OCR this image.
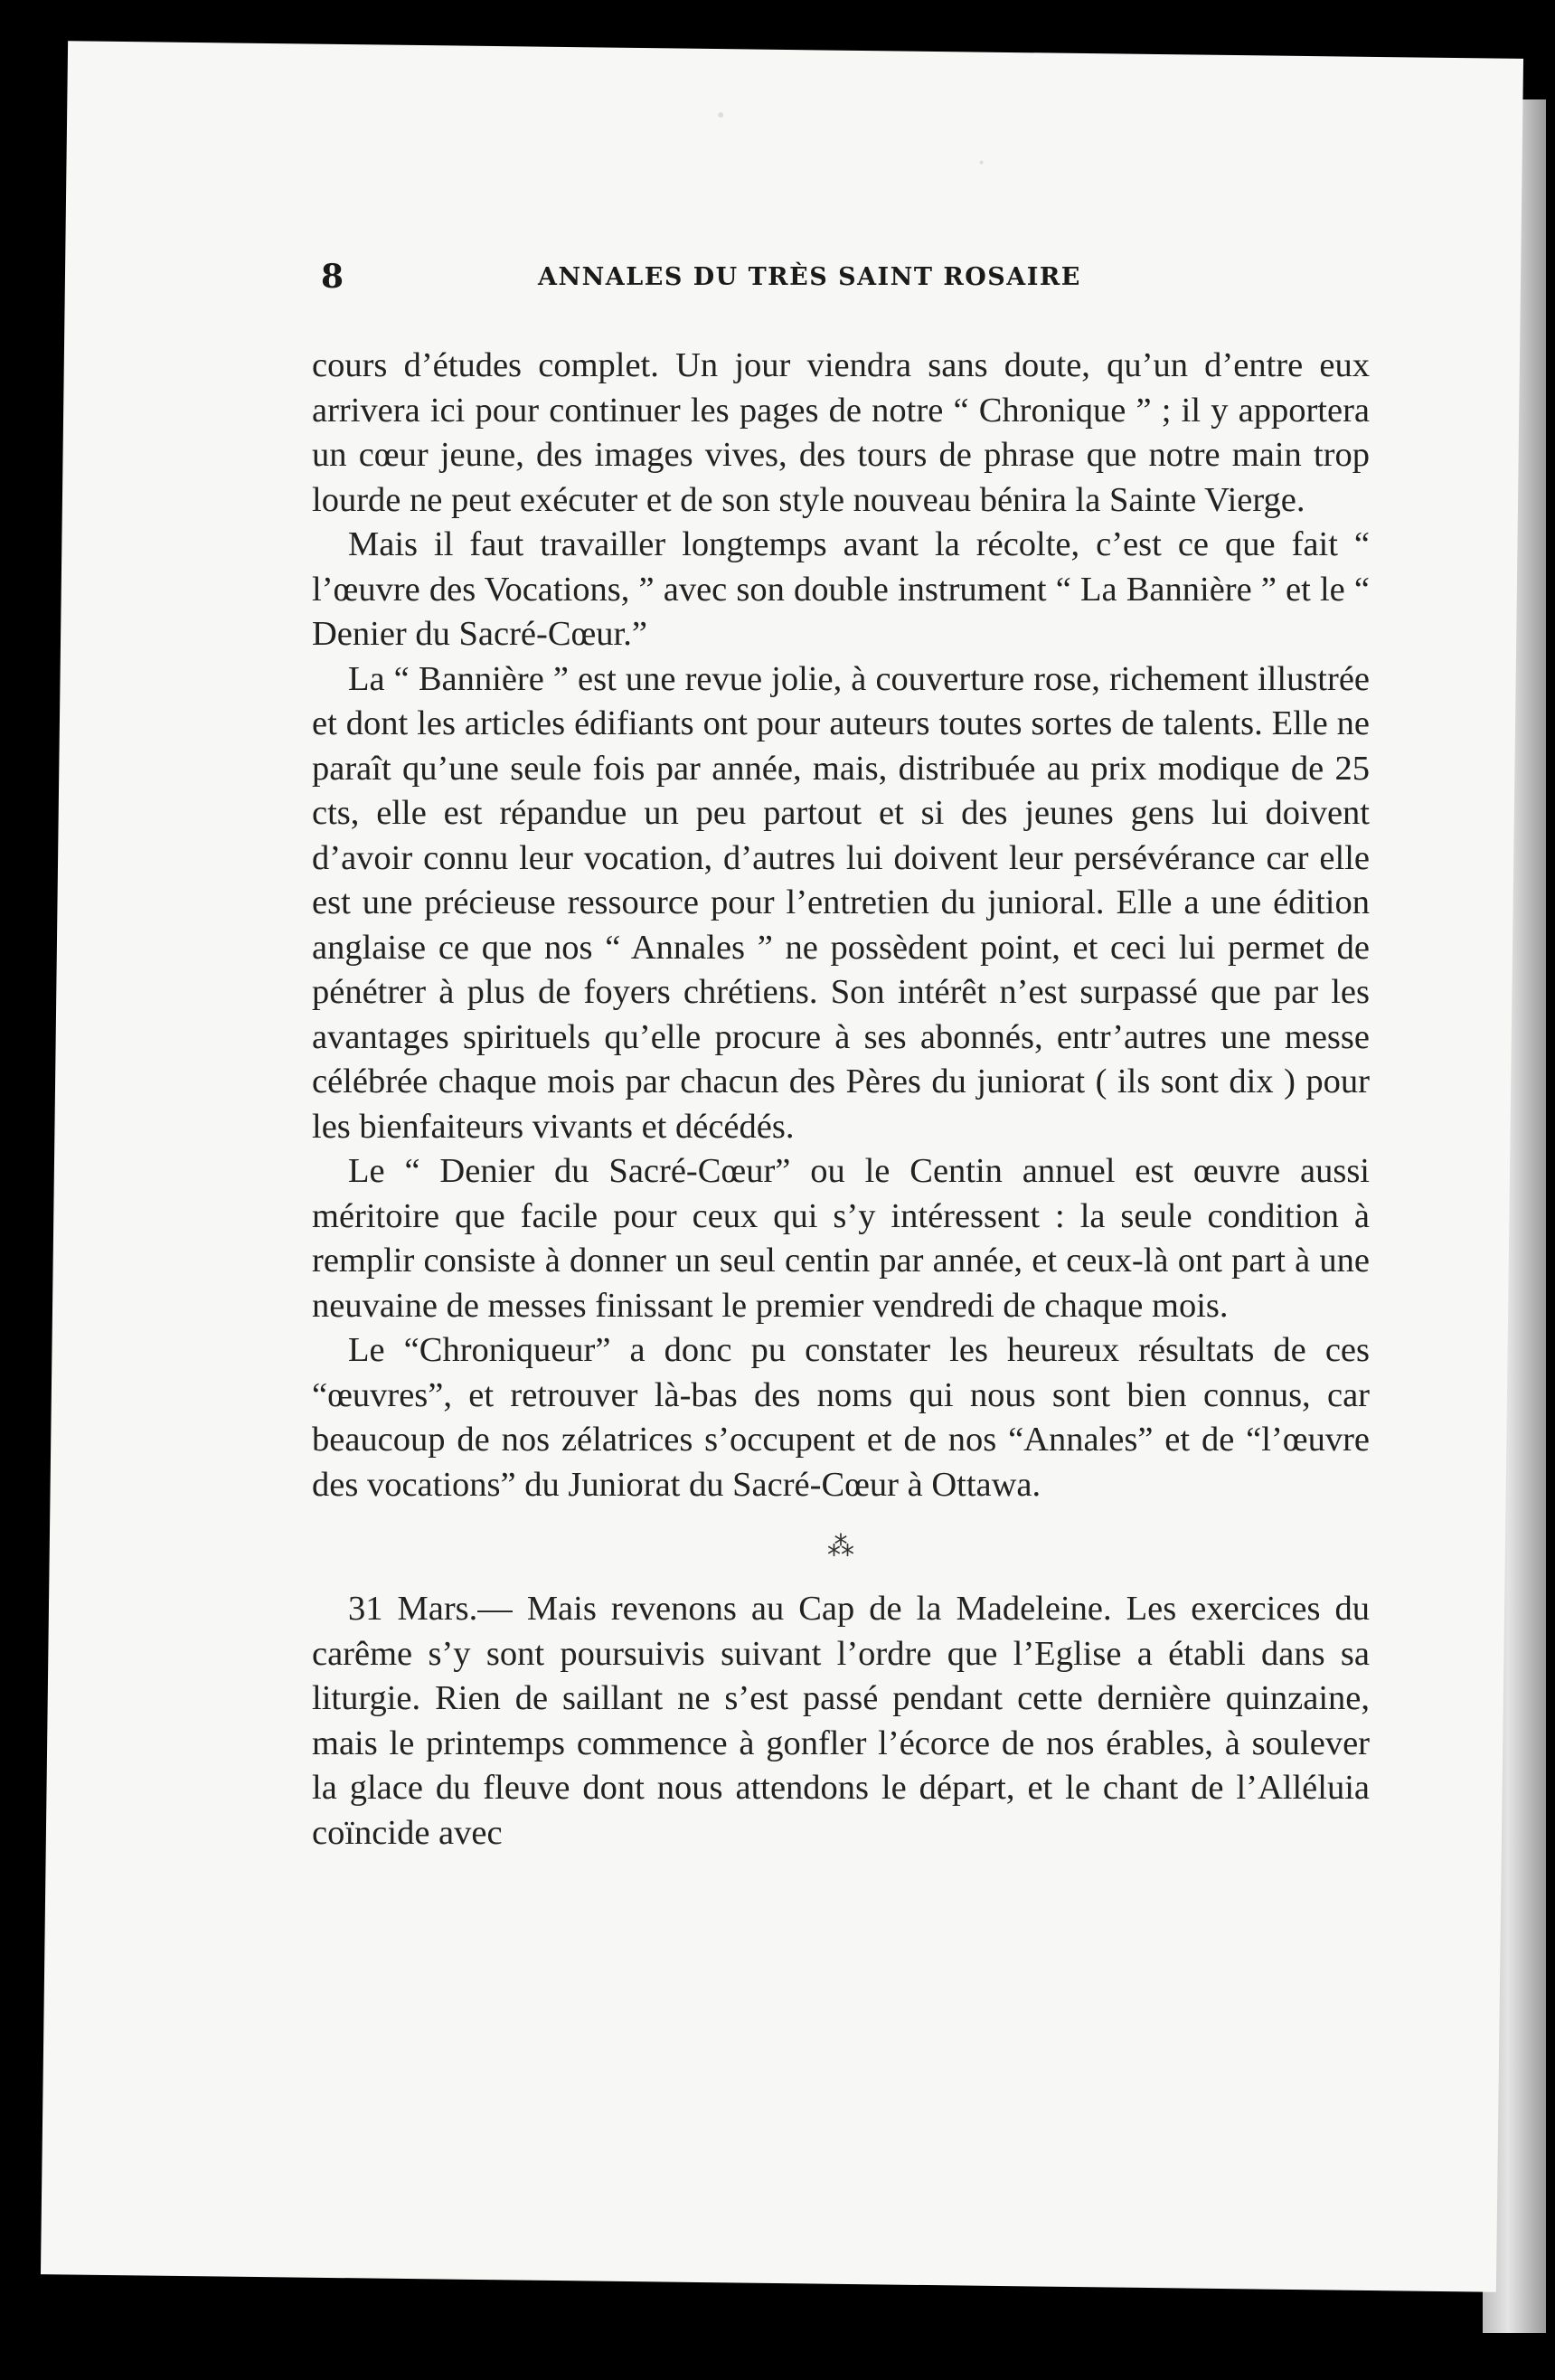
8	ANNALES DU TRÈS SAINT ROSAIRE

cours d’études complet. Un jour viendra sans doute, qu’un d’entre eux arrivera ici pour continuer les pages de notre “ Chronique ” ; il y apportera un cœur jeune, des images vives, des tours de phrase que notre main trop lourde ne peut exécuter et de son style nouveau bénira la Sainte Vierge.

Mais il faut travailler longtemps avant la récolte, c’est ce que fait “ l’œuvre des Vocations, ” avec son double instrument “ La Bannière ” et le “ Denier du Sacré-Cœur.”

La “ Bannière ” est une revue jolie, à couverture rose, richement illustrée et dont les articles édifiants ont pour auteurs toutes sortes de talents. Elle ne paraît qu’une seule fois par année, mais, distribuée au prix modique de 25 cts, elle est répandue un peu partout et si des jeunes gens lui doivent d’avoir connu leur vocation, d’autres lui doivent leur persévérance car elle est une précieuse ressource pour l’entretien du junioral. Elle a une édition anglaise ce que nos “ Annales ” ne possèdent point, et ceci lui permet de pénétrer à plus de foyers chrétiens. Son intérêt n’est surpassé que par les avantages spirituels qu’elle procure à ses abonnés, entr’autres une messe célébrée chaque mois par chacun des Pères du juniorat ( ils sont dix ) pour les bienfaiteurs vivants et décédés.

Le “ Denier du Sacré-Cœur” ou le Centin annuel est œuvre aussi méritoire que facile pour ceux qui s’y intéressent : la seule condition à remplir consiste à donner un seul centin par année, et ceux-là ont part à une neuvaine de messes finissant le premier vendredi de chaque mois.

Le “Chroniqueur” a donc pu constater les heureux résultats de ces “œuvres”, et retrouver là-bas des noms qui nous sont bien connus, car beaucoup de nos zélatrices s’occupent et de nos “Annales” et de “l’œuvre des vocations” du Juniorat du Sacré-Cœur à Ottawa.

⁂

31 Mars.— Mais revenons au Cap de la Madeleine. Les exercices du carême s’y sont poursuivis suivant l’ordre que l’Eglise a établi dans sa liturgie. Rien de saillant ne s’est passé pendant cette dernière quinzaine, mais le printemps commence à gonfler l’écorce de nos érables, à soulever la glace du fleuve dont nous attendons le départ, et le chant de l’Alléluia coïncide avec
